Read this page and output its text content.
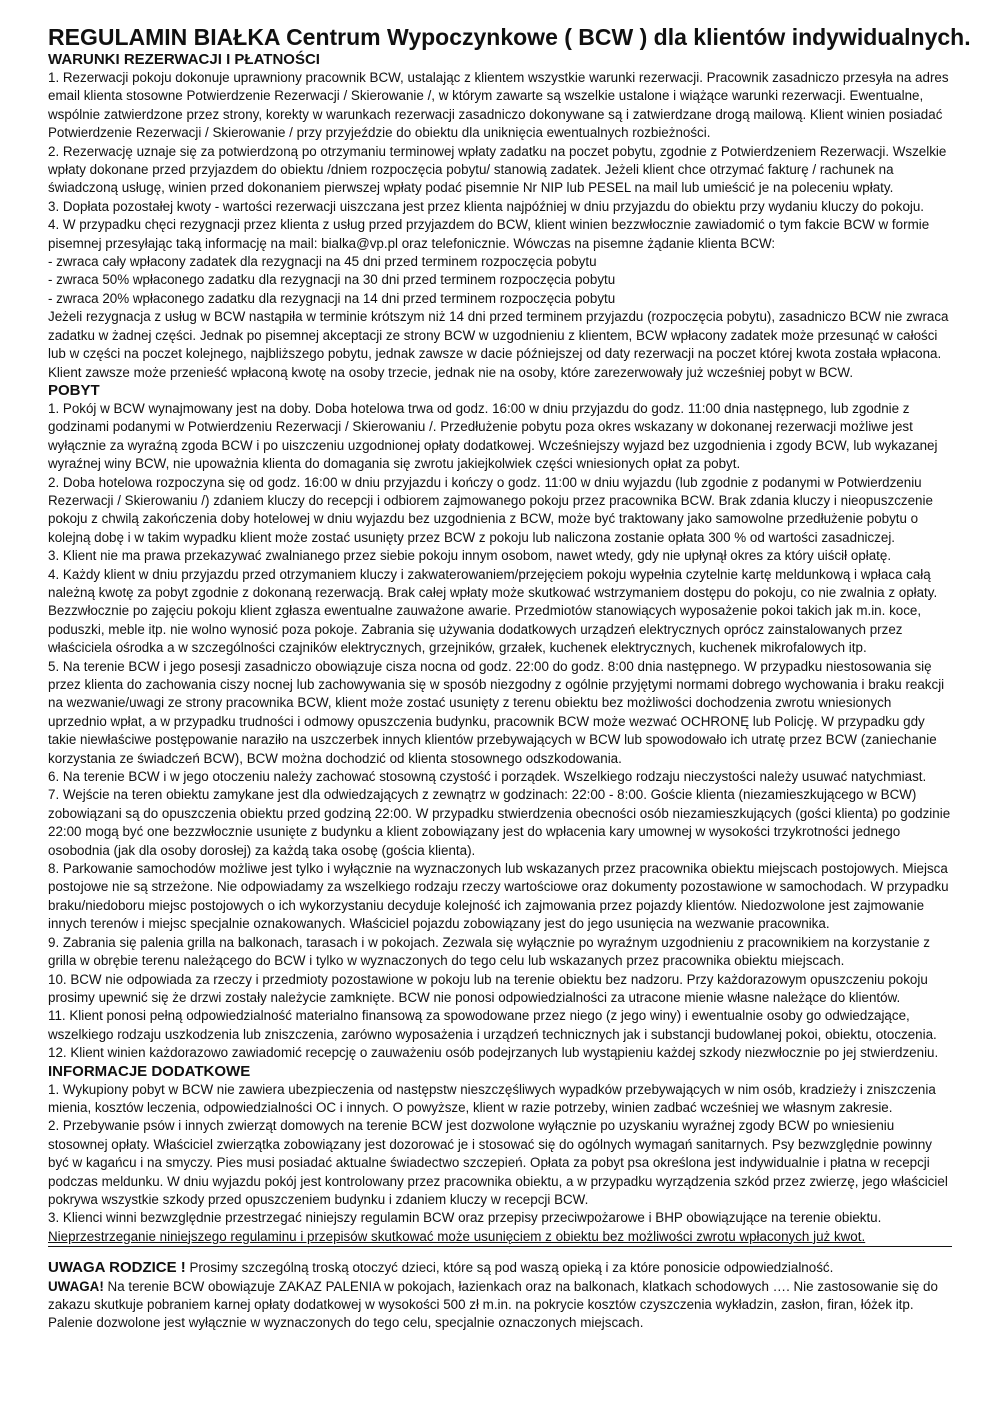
REGULAMIN BIAŁKA Centrum Wypoczynkowe ( BCW ) dla klientów indywidualnych.
WARUNKI REZERWACJI I PŁATNOŚCI

1. Rezerwacji pokoju dokonuje uprawniony pracownik BCW, ustalając z klientem wszystkie warunki rezerwacji. Pracownik zasadniczo przesyła na adres email klienta stosowne Potwierdzenie Rezerwacji / Skierowanie /, w którym zawarte są wszelkie ustalone i wiążące warunki rezerwacji. Ewentualne, wspólnie zatwierdzone przez strony, korekty w warunkach rezerwacji zasadniczo dokonywane są i zatwierdzane drogą mailową. Klient winien posiadać Potwierdzenie Rezerwacji / Skierowanie / przy przyjeździe do obiektu dla uniknięcia ewentualnych rozbieżności.

2. Rezerwację uznaje się za potwierdzoną po otrzymaniu terminowej wpłaty zadatku na poczet pobytu, zgodnie z Potwierdzeniem Rezerwacji. Wszelkie wpłaty dokonane przed przyjazdem do obiektu /dniem rozpoczęcia pobytu/ stanowią zadatek. Jeżeli klient chce otrzymać fakturę / rachunek na świadczoną usługę, winien przed dokonaniem pierwszej wpłaty podać pisemnie Nr NIP lub PESEL na mail lub umieścić je na poleceniu wpłaty.

3. Dopłata pozostałej kwoty - wartości rezerwacji uiszczana jest przez klienta najpóźniej w dniu przyjazdu do obiektu przy wydaniu kluczy do pokoju.

4. W przypadku chęci rezygnacji przez klienta z usług przed przyjazdem do BCW, klient winien bezzwłocznie zawiadomić o tym fakcie BCW w formie pisemnej przesyłając taką informację na mail: bialka@vp.pl oraz telefonicznie. Wówczas na pisemne żądanie klienta BCW:

- zwraca cały wpłacony zadatek dla rezygnacji na 45 dni przed terminem rozpoczęcia pobytu

- zwraca 50% wpłaconego zadatku dla rezygnacji na 30 dni przed terminem rozpoczęcia pobytu

- zwraca 20% wpłaconego zadatku dla rezygnacji na 14 dni przed terminem rozpoczęcia pobytu

Jeżeli rezygnacja z usług w BCW nastąpiła w terminie krótszym niż 14 dni przed terminem przyjazdu (rozpoczęcia pobytu), zasadniczo BCW nie zwraca zadatku w żadnej części. Jednak po pisemnej akceptacji ze strony BCW w uzgodnieniu z klientem, BCW wpłacony zadatek może przesunąć w całości lub w części na poczet kolejnego, najbliższego pobytu, jednak zawsze w dacie późniejszej od daty rezerwacji na poczet której kwota została wpłacona. Klient zawsze może przenieść wpłaconą kwotę na osoby trzecie, jednak nie na osoby, które zarezerwowały już wcześniej pobyt w BCW.

POBYT

1. Pokój w BCW wynajmowany jest na doby. Doba hotelowa trwa od godz. 16:00 w dniu przyjazdu do godz. 11:00 dnia następnego, lub zgodnie z godzinami podanymi w Potwierdzeniu Rezerwacji / Skierowaniu /. Przedłużenie pobytu poza okres wskazany w dokonanej rezerwacji możliwe jest wyłącznie za wyraźną zgoda BCW i po uiszczeniu uzgodnionej opłaty dodatkowej. Wcześniejszy wyjazd bez uzgodnienia i zgody BCW, lub wykazanej wyraźnej winy BCW, nie upoważnia klienta do domagania się zwrotu jakiejkolwiek części wniesionych opłat za pobyt.

2. Doba hotelowa rozpoczyna się od godz. 16:00 w dniu przyjazdu i kończy o godz. 11:00 w dniu wyjazdu (lub zgodnie z podanymi w Potwierdzeniu Rezerwacji / Skierowaniu /) zdaniem kluczy do recepcji i odbiorem zajmowanego pokoju przez pracownika BCW. Brak zdania kluczy i nieopuszczenie pokoju z chwilą zakończenia doby hotelowej w dniu wyjazdu bez uzgodnienia z BCW, może być traktowany jako samowolne przedłużenie pobytu o kolejną dobę i w takim wypadku klient może zostać usunięty przez BCW z pokoju lub naliczona zostanie opłata 300 % od wartości zasadniczej.

3. Klient nie ma prawa przekazywać zwalnianego przez siebie pokoju innym osobom, nawet wtedy, gdy nie upłynął okres za który uiścił opłatę.

4. Każdy klient w dniu przyjazdu przed otrzymaniem kluczy i zakwaterowaniem/przejęciem pokoju wypełnia czytelnie kartę meldunkową i wpłaca całą należną kwotę za pobyt zgodnie z dokonaną rezerwacją. Brak całej wpłaty może skutkować wstrzymaniem dostępu do pokoju, co nie zwalnia z opłaty. Bezzwłocznie po zajęciu pokoju klient zgłasza ewentualne zauważone awarie. Przedmiotów stanowiących wyposażenie pokoi takich jak m.in. koce, poduszki, meble itp. nie wolno wynosić poza pokoje. Zabrania się używania dodatkowych urządzeń elektrycznych oprócz zainstalowanych przez właściciela ośrodka a w szczególności czajników elektrycznych, grzejników, grzałek, kuchenek elektrycznych, kuchenek mikrofalowych itp.

5. Na terenie BCW i jego posesji zasadniczo obowiązuje cisza nocna od godz. 22:00 do godz. 8:00 dnia następnego. W przypadku niestosowania się przez klienta do zachowania ciszy nocnej lub zachowywania się w sposób niezgodny z ogólnie przyjętymi normami dobrego wychowania i braku reakcji na wezwanie/uwagi ze strony pracownika BCW, klient może zostać usunięty z terenu obiektu bez możliwości dochodzenia zwrotu wniesionych uprzednio wpłat, a w przypadku trudności i odmowy opuszczenia budynku, pracownik BCW może wezwać OCHRONĘ lub Policję. W przypadku gdy takie niewłaściwe postępowanie naraziło na uszczerbek innych klientów przebywających w BCW lub spowodowało ich utratę przez BCW (zaniechanie korzystania ze świadczeń BCW), BCW można dochodzić od klienta stosownego odszkodowania.

6. Na terenie BCW i w jego otoczeniu należy zachować stosowną czystość i porządek. Wszelkiego rodzaju nieczystości należy usuwać natychmiast.

7. Wejście na teren obiektu zamykane jest dla odwiedzających z zewnątrz w godzinach: 22:00 - 8:00. Goście klienta (niezamieszkującego w BCW) zobowiązani są do opuszczenia obiektu przed godziną 22:00. W przypadku stwierdzenia obecności osób niezamieszkujących (gości klienta) po godzinie 22:00 mogą być one bezzwłocznie usunięte z budynku a klient zobowiązany jest do wpłacenia kary umownej w wysokości trzykrotności jednego osobodnia (jak dla osoby dorosłej) za każdą taka osobę (gościa klienta).

8. Parkowanie samochodów możliwe jest tylko i wyłącznie na wyznaczonych lub wskazanych przez pracownika obiektu miejscach postojowych. Miejsca postojowe nie są strzeżone. Nie odpowiadamy za wszelkiego rodzaju rzeczy wartościowe oraz dokumenty pozostawione w samochodach. W przypadku braku/niedoboru miejsc postojowych o ich wykorzystaniu decyduje kolejność ich zajmowania przez pojazdy klientów. Niedozwolone jest zajmowanie innych terenów i miejsc specjalnie oznakowanych. Właściciel pojazdu zobowiązany jest do jego usunięcia na wezwanie pracownika.

9. Zabrania się palenia grilla na balkonach, tarasach i w pokojach. Zezwala się wyłącznie po wyraźnym uzgodnieniu z pracownikiem na korzystanie z grilla w obrębie terenu należącego do BCW i tylko w wyznaczonych do tego celu lub wskazanych przez pracownika obiektu miejscach.

10. BCW nie odpowiada za rzeczy i przedmioty pozostawione w pokoju lub na terenie obiektu bez nadzoru. Przy każdorazowym opuszczeniu pokoju prosimy upewnić się że drzwi zostały należycie zamknięte. BCW nie ponosi odpowiedzialności za utracone mienie własne należące do klientów.

11. Klient ponosi pełną odpowiedzialność materialno finansową za spowodowane przez niego (z jego winy) i ewentualnie osoby go odwiedzające, wszelkiego rodzaju uszkodzenia lub zniszczenia, zarówno wyposażenia i urządzeń technicznych jak i substancji budowlanej pokoi, obiektu, otoczenia.

12. Klient winien każdorazowo zawiadomić recepcję o zauważeniu osób podejrzanych lub wystąpieniu każdej szkody niezwłocznie po jej stwierdzeniu.

INFORMACJE DODATKOWE

1. Wykupiony pobyt w BCW nie zawiera ubezpieczenia od następstw nieszczęśliwych wypadków przebywających w nim osób, kradzieży i zniszczenia mienia, kosztów leczenia, odpowiedzialności OC i innych. O powyższe, klient w razie potrzeby, winien zadbać wcześniej we własnym zakresie.

2. Przebywanie psów i innych zwierząt domowych na terenie BCW jest dozwolone wyłącznie po uzyskaniu wyraźnej zgody BCW po wniesieniu stosownej opłaty. Właściciel zwierzątka zobowiązany jest dozorować je i stosować się do ogólnych wymagań sanitarnych. Psy bezwzględnie powinny być w kagańcu i na smyczy. Pies musi posiadać aktualne świadectwo szczepień. Opłata za pobyt psa określona jest indywidualnie i płatna w recepcji podczas meldunku. W dniu wyjazdu pokój jest kontrolowany przez pracownika obiektu, a w przypadku wyrządzenia szkód przez zwierzę, jego właściciel pokrywa wszystkie szkody przed opuszczeniem budynku i zdaniem kluczy w recepcji BCW.

3. Klienci winni bezwzględnie przestrzegać niniejszy regulamin BCW oraz przepisy przeciwpożarowe i BHP obowiązujące na terenie obiektu.

Nieprzestrzeganie niniejszego regulaminu i przepisów skutkować może usunięciem z obiektu bez możliwości zwrotu wpłaconych już kwot.

UWAGA RODZICE ! Prosimy szczególną troską otoczyć dzieci, które są pod waszą opieką i za które ponosicie odpowiedzialność.

UWAGA! Na terenie BCW obowiązuje ZAKAZ PALENIA w pokojach, łazienkach oraz na balkonach, klatkach schodowych …. Nie zastosowanie się do zakazu skutkuje pobraniem karnej opłaty dodatkowej w wysokości 500 zł m.in. na pokrycie kosztów czyszczenia wykładzin, zasłon, firan, łóżek itp. Palenie dozwolone jest wyłącznie w wyznaczonych do tego celu, specjalnie oznaczonych miejscach.
